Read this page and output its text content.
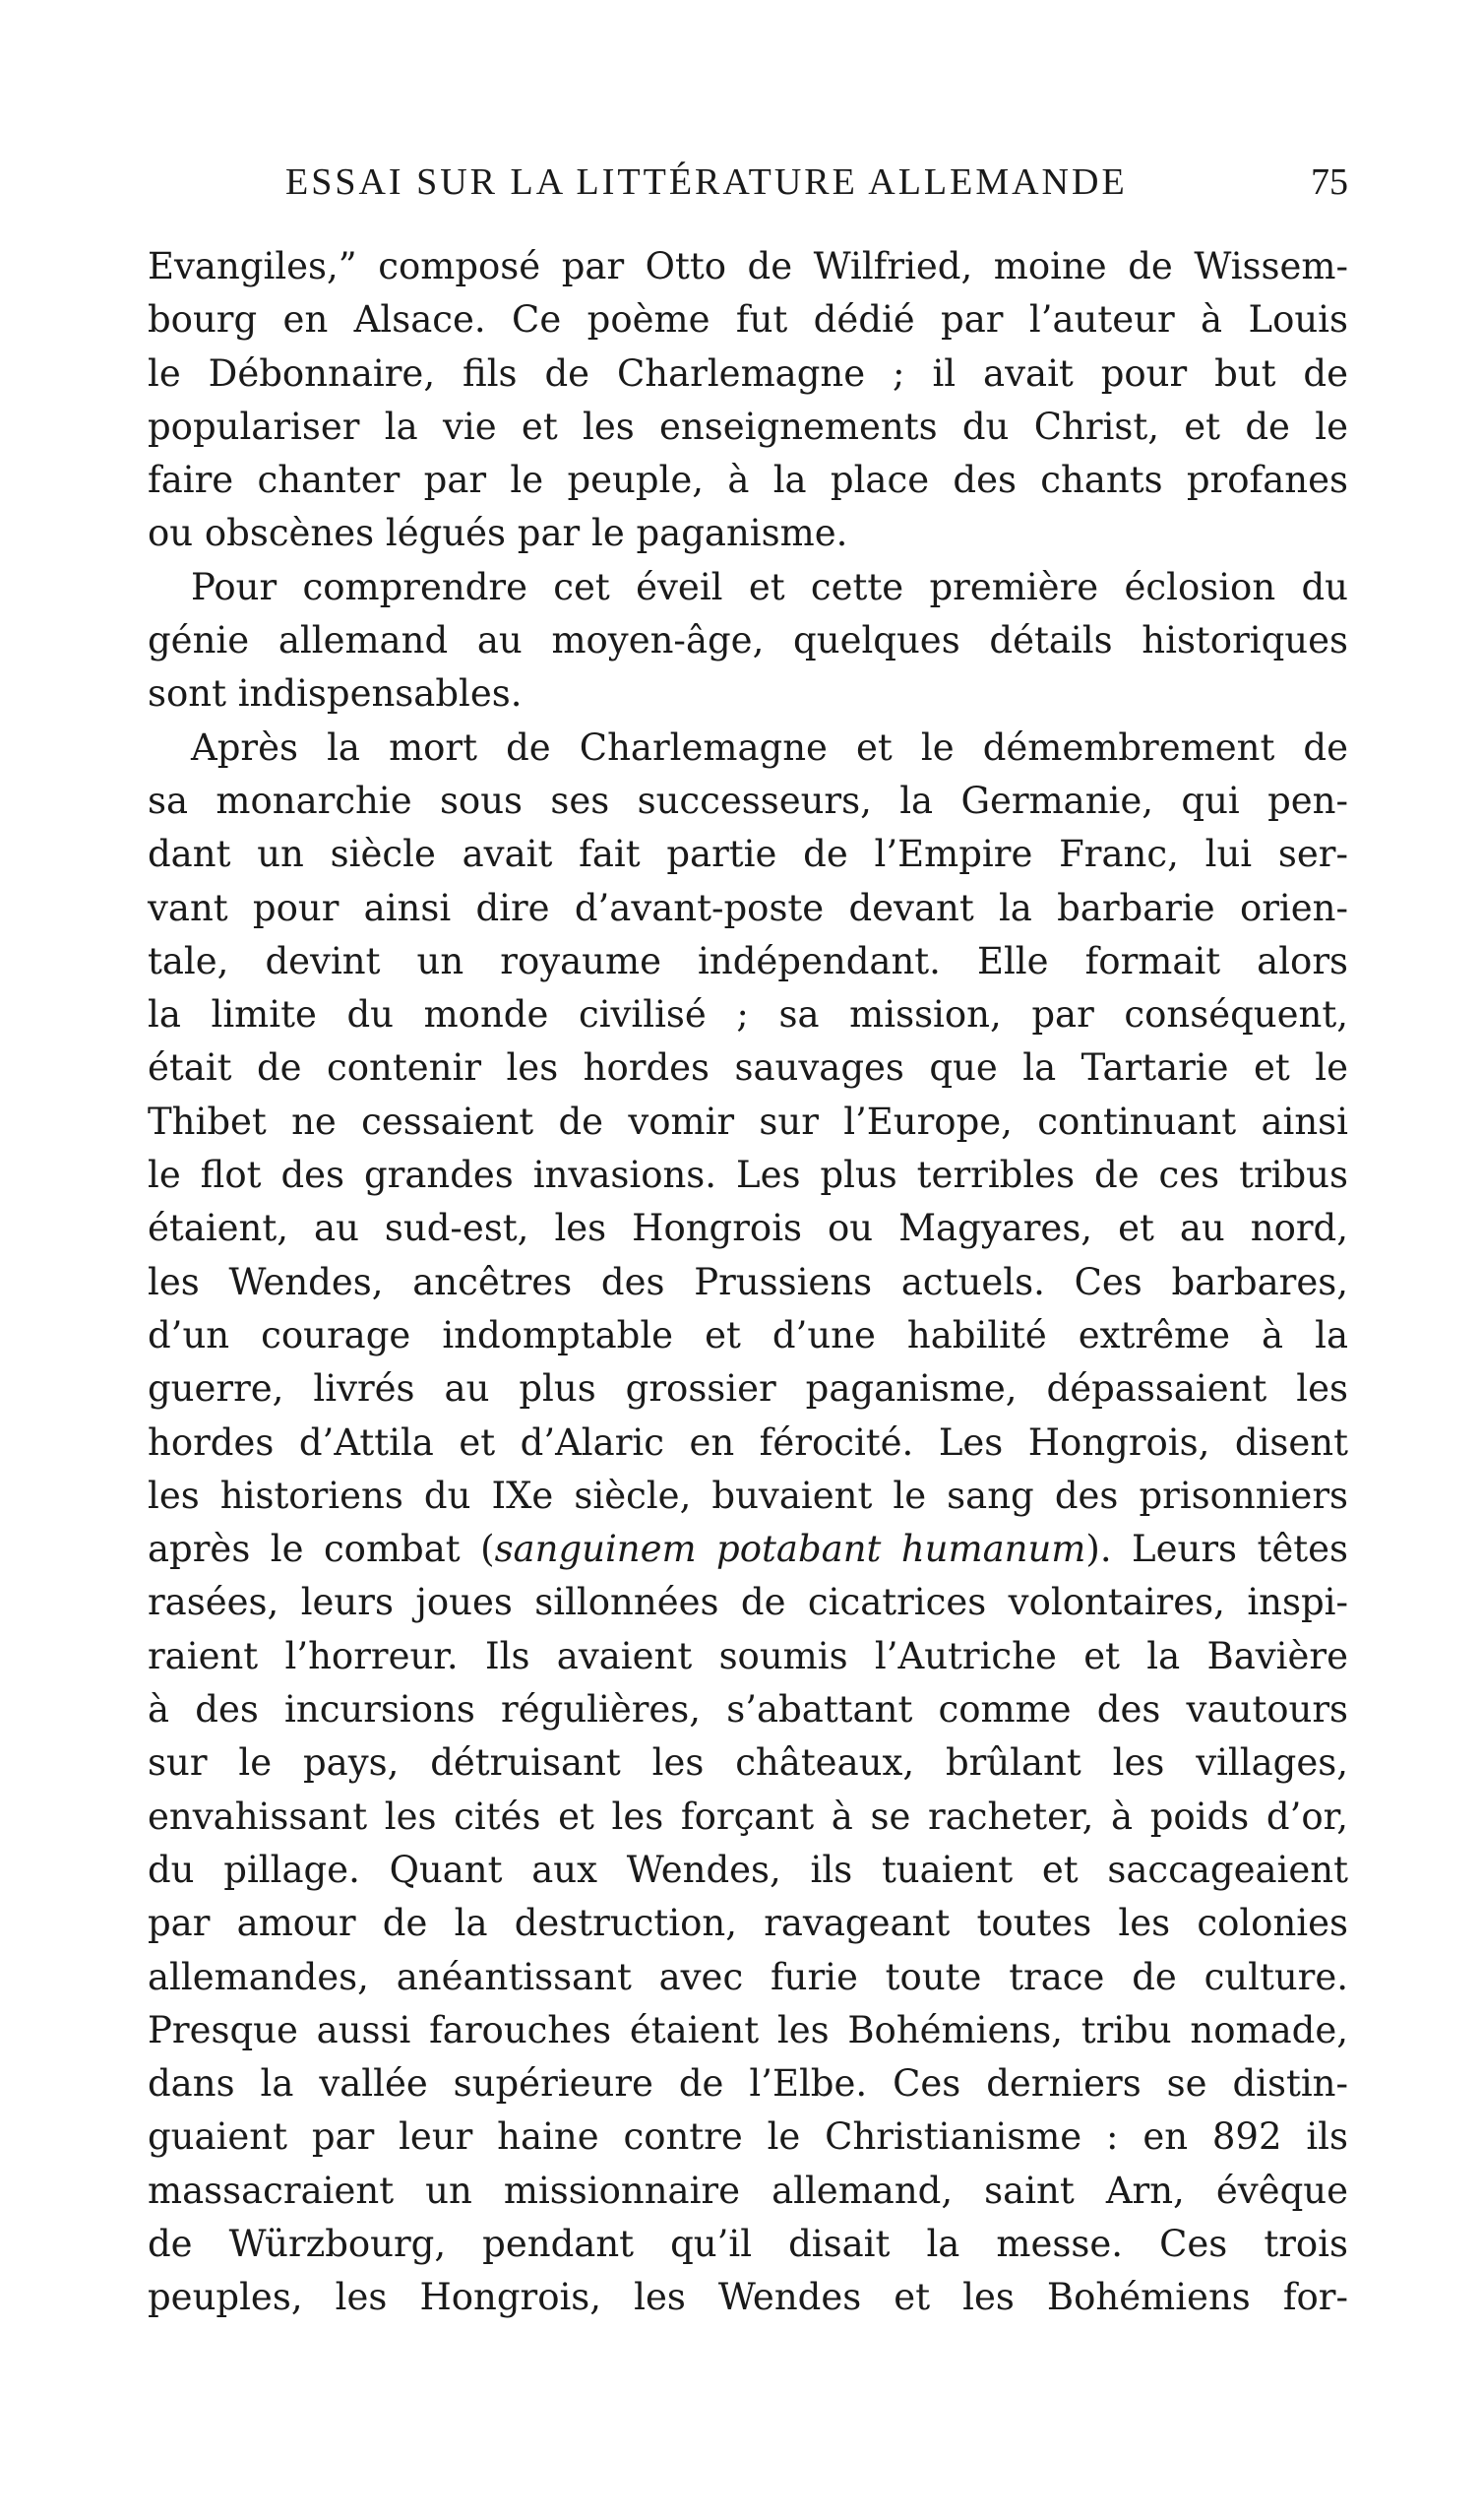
ESSAI SUR LA LITTÉRATURE ALLEMANDE	75
Evangiles,” composé par Otto de Wilfried, moine de Wissem-
bourg en Alsace. Ce poème fut dédié par l’auteur à Louis
le Débonnaire, fils de Charlemagne ; il avait pour but de
populariser la vie et les enseignements du Christ, et de le
faire chanter par le peuple, à la place des chants profanes
ou obscènes légués par le paganisme.
Pour comprendre cet éveil et cette première éclosion du
génie allemand au moyen-âge, quelques détails historiques
sont indispensables.
Après la mort de Charlemagne et le démembrement de
sa monarchie sous ses successeurs, la Germanie, qui pen-
dant un siècle avait fait partie de l’Empire Franc, lui ser-
vant pour ainsi dire d’avant-poste devant la barbarie orien-
tale, devint un royaume indépendant. Elle formait alors
la limite du monde civilisé ; sa mission, par conséquent,
était de contenir les hordes sauvages que la Tartarie et le
Thibet ne cessaient de vomir sur l’Europe, continuant ainsi
le flot des grandes invasions. Les plus terribles de ces tribus
étaient, au sud-est, les Hongrois ou Magyares, et au nord,
les Wendes, ancêtres des Prussiens actuels. Ces barbares,
d’un courage indomptable et d’une habilité extrême à la
guerre, livrés au plus grossier paganisme, dépassaient les
hordes d’Attila et d’Alaric en férocité. Les Hongrois, disent
les historiens du IXe siècle, buvaient le sang des prisonniers
après le combat (sanguinem potabant humanum). Leurs têtes
rasées, leurs joues sillonnées de cicatrices volontaires, inspi-
raient l’horreur. Ils avaient soumis l’Autriche et la Bavière
à des incursions régulières, s’abattant comme des vautours
sur le pays, détruisant les châteaux, brûlant les villages,
envahissant les cités et les forçant à se racheter, à poids d’or,
du pillage. Quant aux Wendes, ils tuaient et saccageaient
par amour de la destruction, ravageant toutes les colonies
allemandes, anéantissant avec furie toute trace de culture.
Presque aussi farouches étaient les Bohémiens, tribu nomade,
dans la vallée supérieure de l’Elbe. Ces derniers se distin-
guaient par leur haine contre le Christianisme : en 892 ils
massacraient un missionnaire allemand, saint Arn, évêque
de Würzbourg, pendant qu’il disait la messe. Ces trois
peuples, les Hongrois, les Wendes et les Bohémiens for-
